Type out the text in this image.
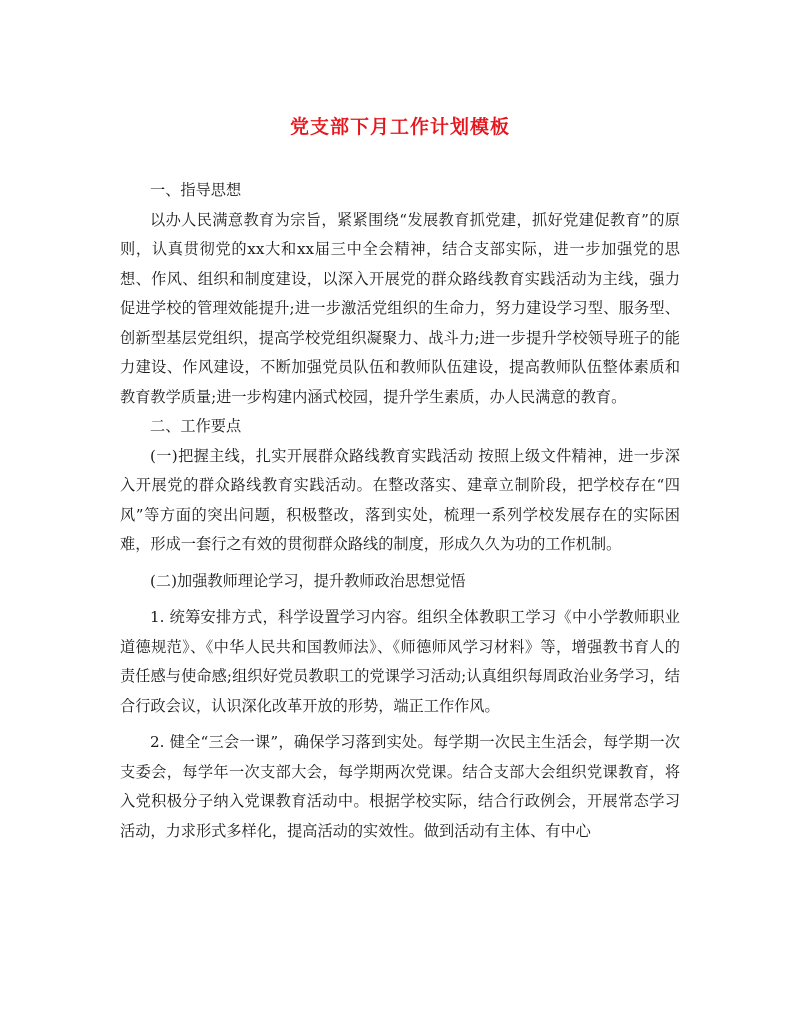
党支部下月工作计划模板

一、指导思想

以办人民满意教育为宗旨，紧紧围绕“发展教育抓党建，抓好党建促教育”的原则，认真贯彻党的xx大和xx届三中全会精神，结合支部实际，进一步加强党的思想、作风、组织和制度建设，以深入开展党的群众路线教育实践活动为主线，强力促进学校的管理效能提升;进一步激活党组织的生命力，努力建设学习型、服务型、创新型基层党组织，提高学校党组织凝聚力、战斗力;进一步提升学校领导班子的能力建设、作风建设，不断加强党员队伍和教师队伍建设，提高教师队伍整体素质和教育教学质量;进一步构建内涵式校园，提升学生素质，办人民满意的教育。

二、工作要点

(一)把握主线，扎实开展群众路线教育实践活动 按照上级文件精神，进一步深入开展党的群众路线教育实践活动。在整改落实、建章立制阶段，把学校存在“四风”等方面的突出问题，积极整改，落到实处，梳理一系列学校发展存在的实际困难，形成一套行之有效的贯彻群众路线的制度，形成久久为功的工作机制。

(二)加强教师理论学习，提升教师政治思想觉悟

1. 统筹安排方式，科学设置学习内容。组织全体教职工学习《中小学教师职业道德规范》、《中华人民共和国教师法》、《师德师风学习材料》等，增强教书育人的责任感与使命感;组织好党员教职工的党课学习活动;认真组织每周政治业务学习，结合行政会议，认识深化改革开放的形势，端正工作作风。

2. 健全“三会一课”，确保学习落到实处。每学期一次民主生活会，每学期一次支委会，每学年一次支部大会，每学期两次党课。结合支部大会组织党课教育，将入党积极分子纳入党课教育活动中。根据学校实际，结合行政例会，开展常态学习活动，力求形式多样化，提高活动的实效性。做到活动有主体、有中心
